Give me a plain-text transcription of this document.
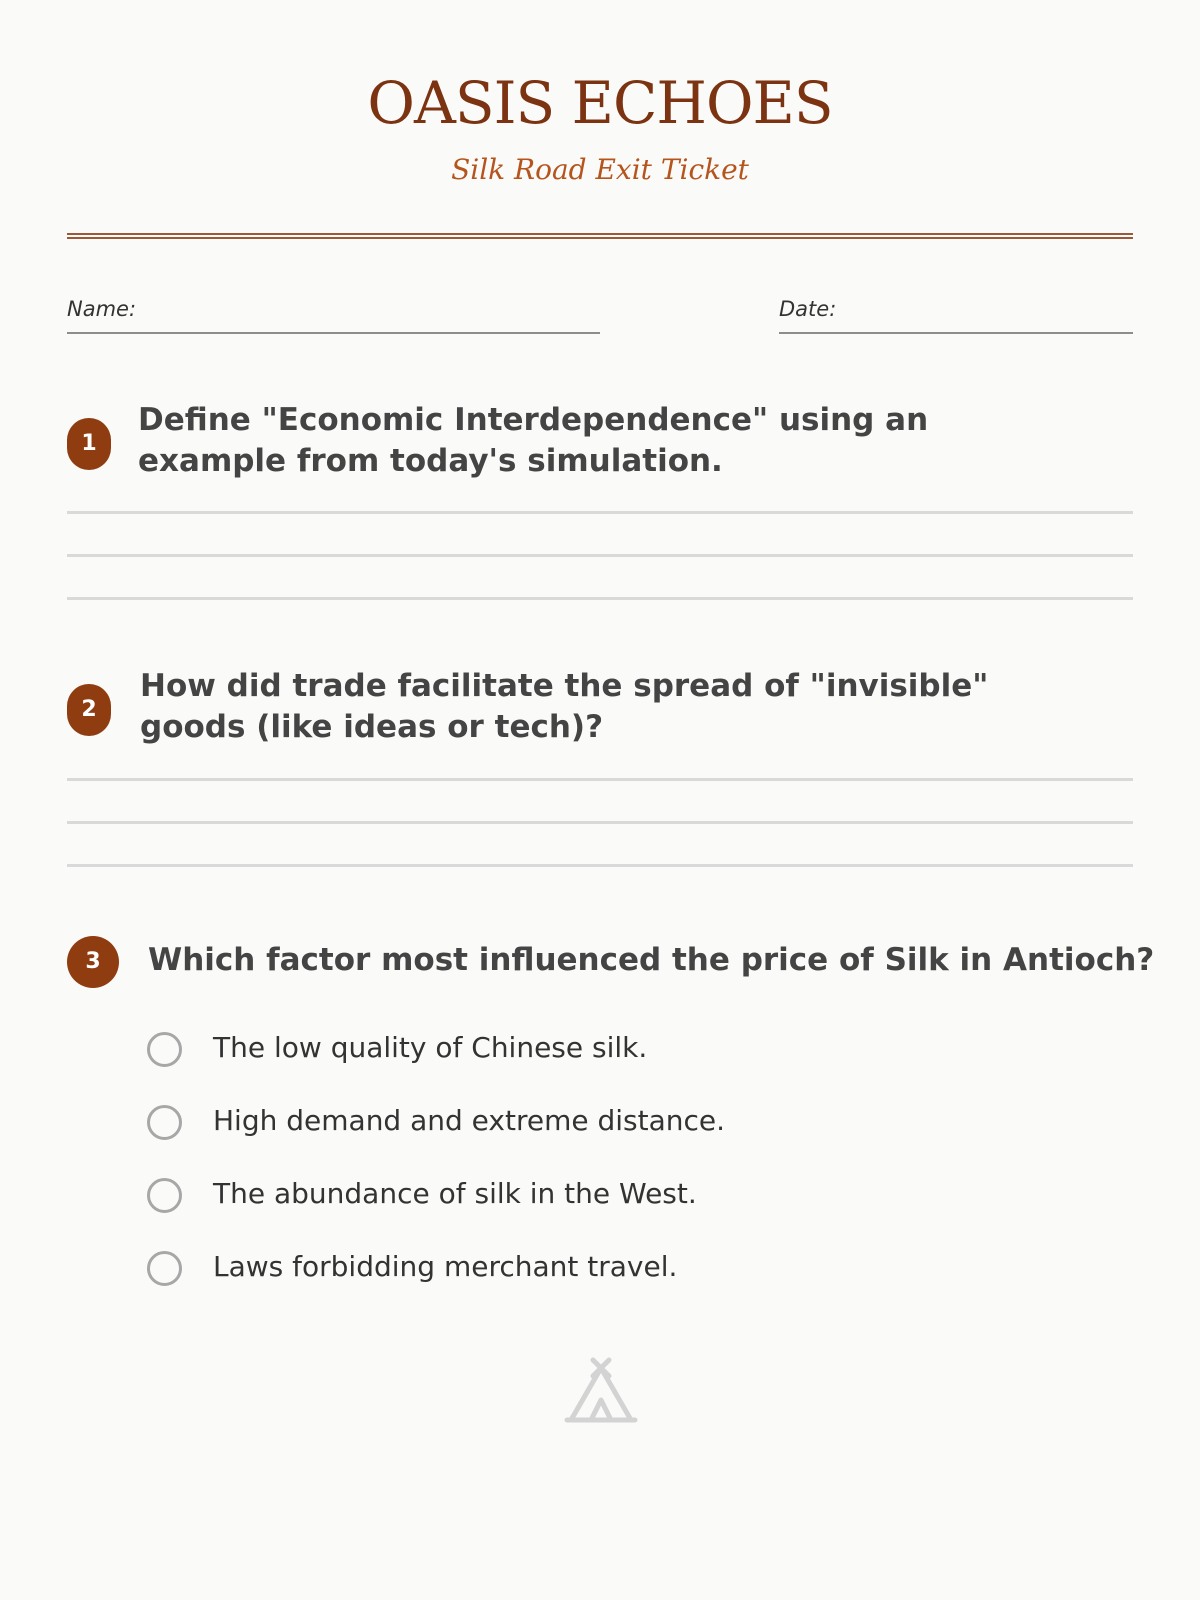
OASIS ECHOES
Silk Road Exit Ticket
Name:	Date:
1
Define "Economic Interdependence" using an example from today's simulation.
2
How did trade facilitate the spread of "invisible" goods (like ideas or tech)?
3	Which factor most influenced the price of Silk in Antioch?
The low quality of Chinese silk.
High demand and extreme distance.
The abundance of silk in the West.
Laws forbidding merchant travel.
